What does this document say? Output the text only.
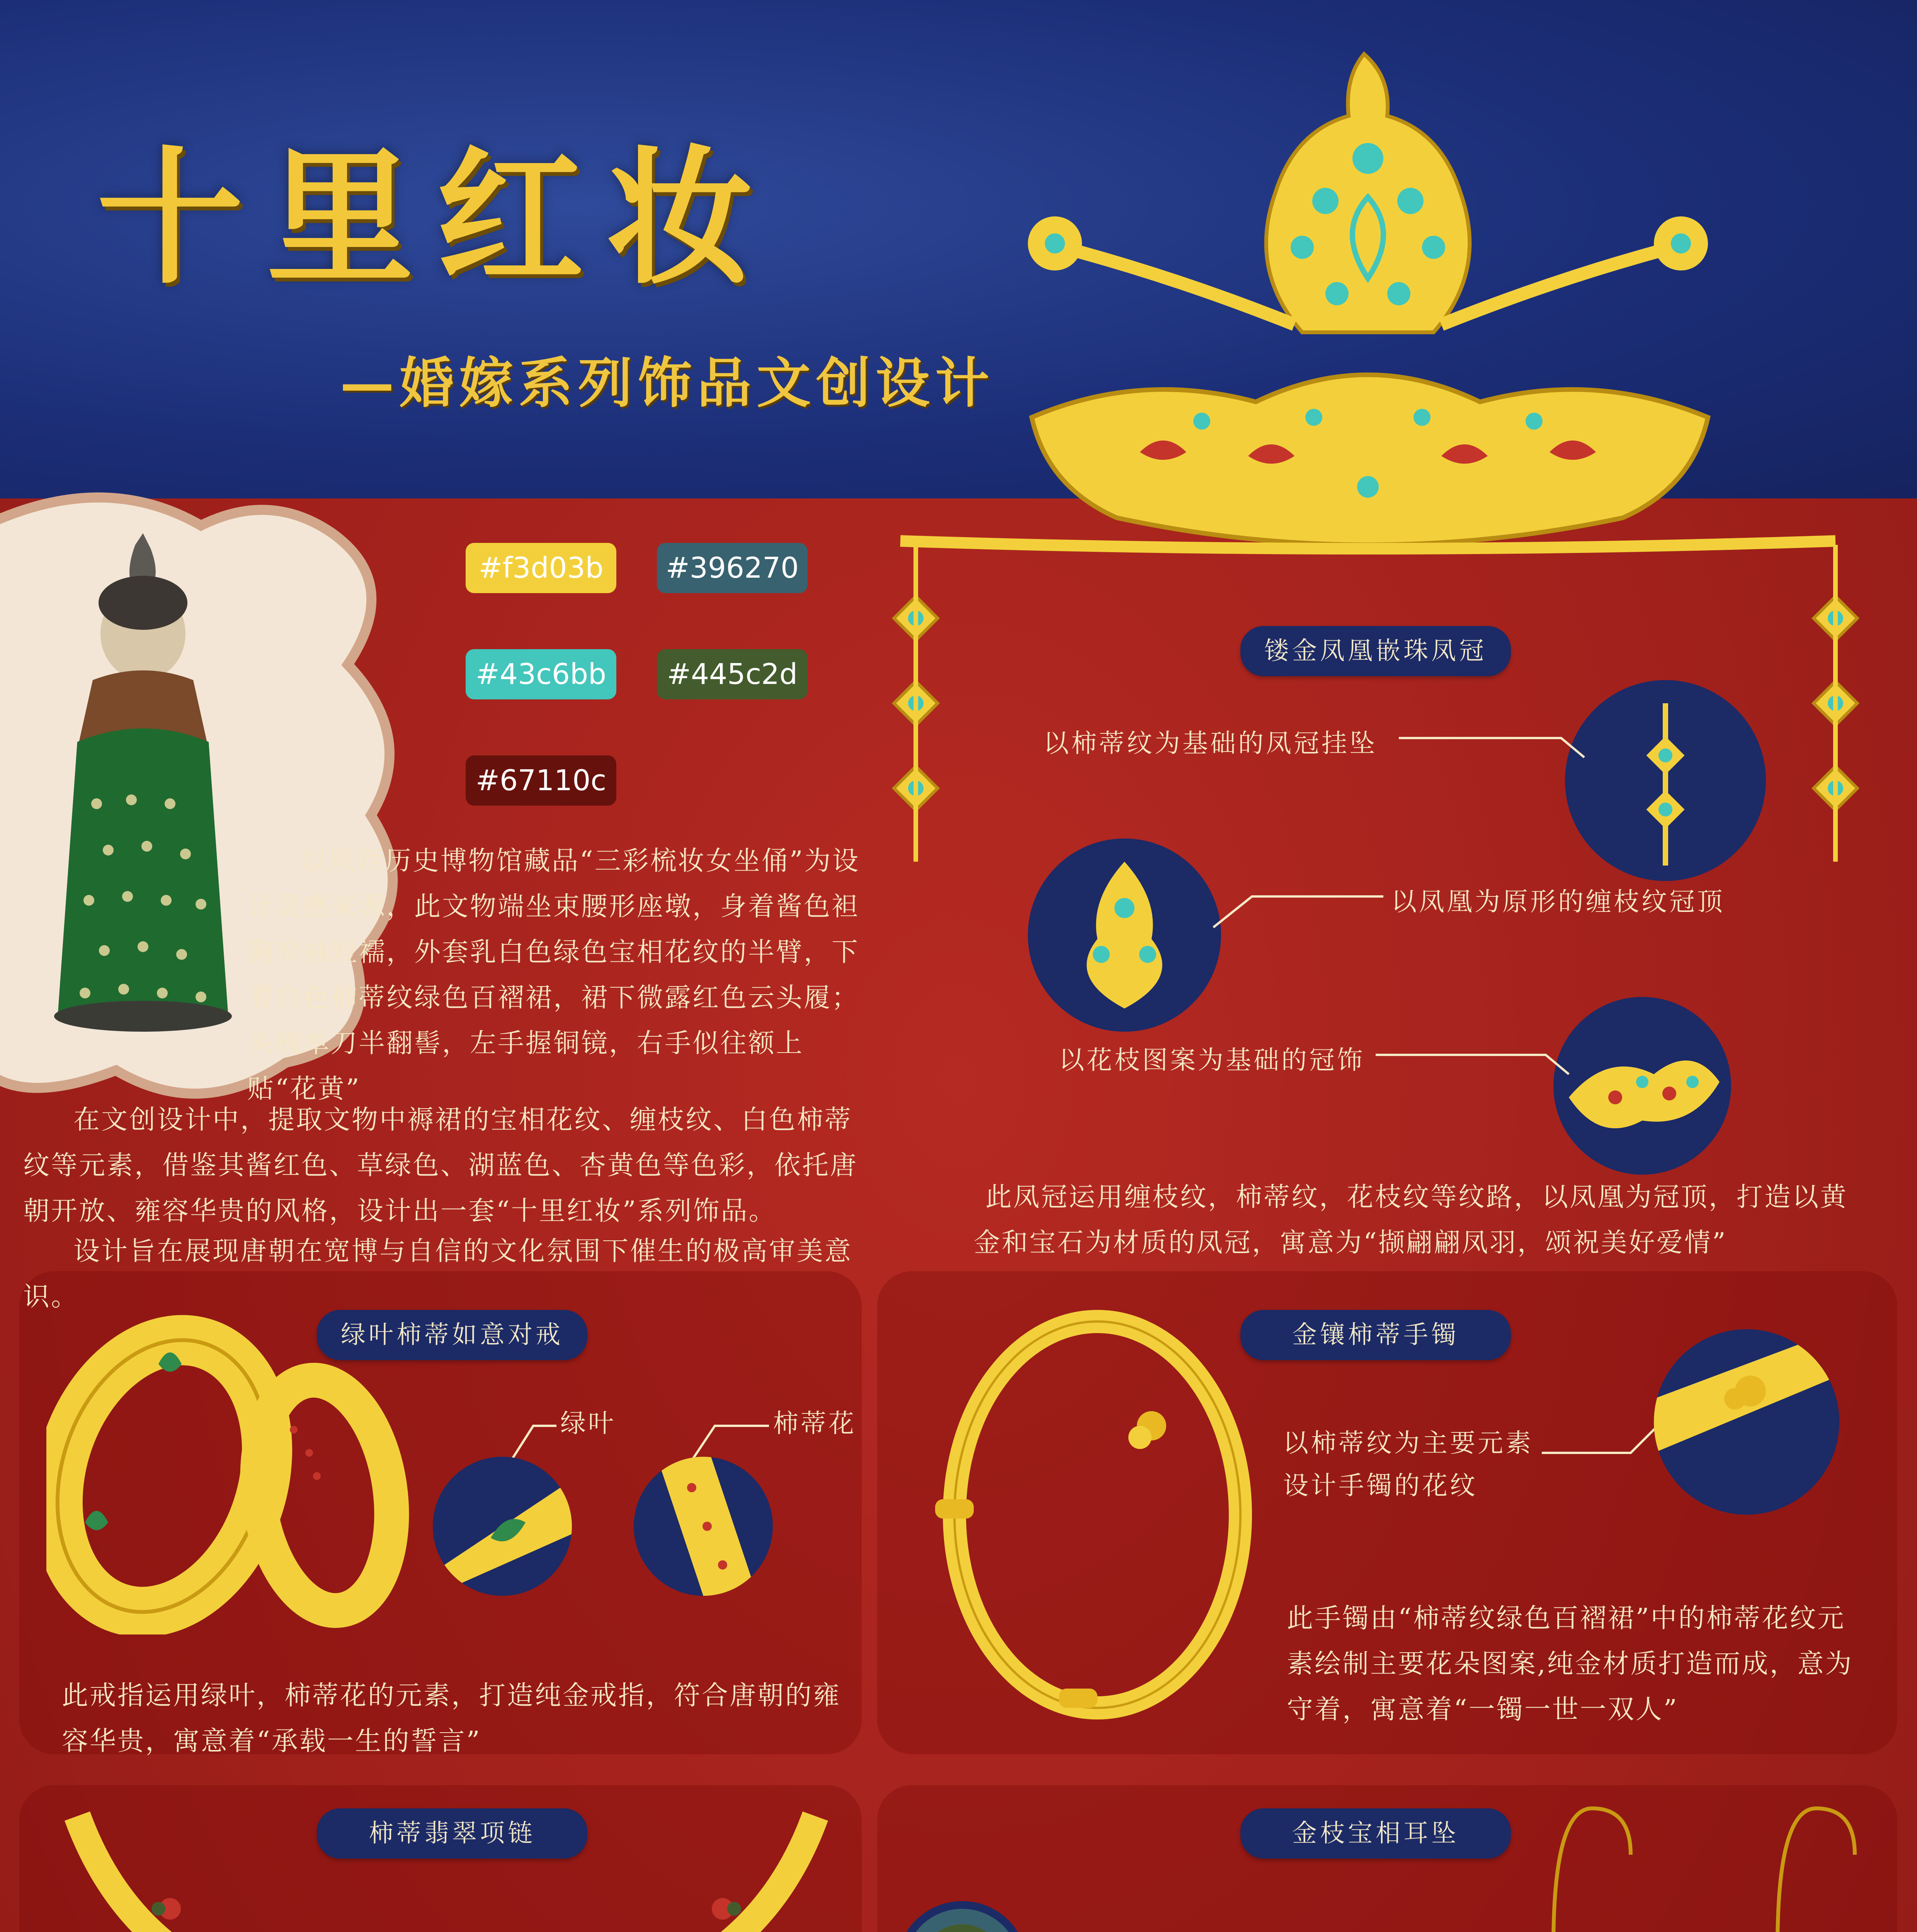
十里红妆
—婚嫁系列饰品文创设计
#f3d03b	#396270
#43c6bb	#445c2d
#67110c
以陕西历史博物馆藏品“三彩梳妆女坐俑”为设计灵感来源，此文物端坐束腰形座墩，身着酱色袒胸窄袖短襦，外套乳白色绿色宝相花纹的半臂，下着白色柿蒂纹绿色百褶裙，裙下微露红色云头履；头梳单刀半翻髻，左手握铜镜，右手似往额上贴“花黄”
在文创设计中，提取文物中褥裙的宝相花纹、缠枝纹、白色柿蒂纹等元素，借鉴其酱红色、草绿色、湖蓝色、杏黄色等色彩，依托唐朝开放、雍容华贵的风格，设计出一套“十里红妆”系列饰品。
设计旨在展现唐朝在宽博与自信的文化氛围下催生的极高审美意识。
镂金凤凰嵌珠凤冠
以柿蒂纹为基础的凤冠挂坠
以凤凰为原形的缠枝纹冠顶
以花枝图案为基础的冠饰
此凤冠运用缠枝纹，柿蒂纹，花枝纹等纹路，以凤凰为冠顶，打造以黄金和宝石为材质的凤冠，寓意为“撷翩翩凤羽，颂祝美好爱情”
绿叶柿蒂如意对戒
绿叶	柿蒂花
此戒指运用绿叶，柿蒂花的元素，打造纯金戒指，符合唐朝的雍容华贵，寓意着“承载一生的誓言”
金镶柿蒂手镯
以柿蒂纹为主要元素
设计手镯的花纹
此手镯由“柿蒂纹绿色百褶裙”中的柿蒂花纹元素绘制主要花朵图案,纯金材质打造而成，意为守着，寓意着“一镯一世一双人”
柿蒂翡翠项链	金枝宝相耳坠
